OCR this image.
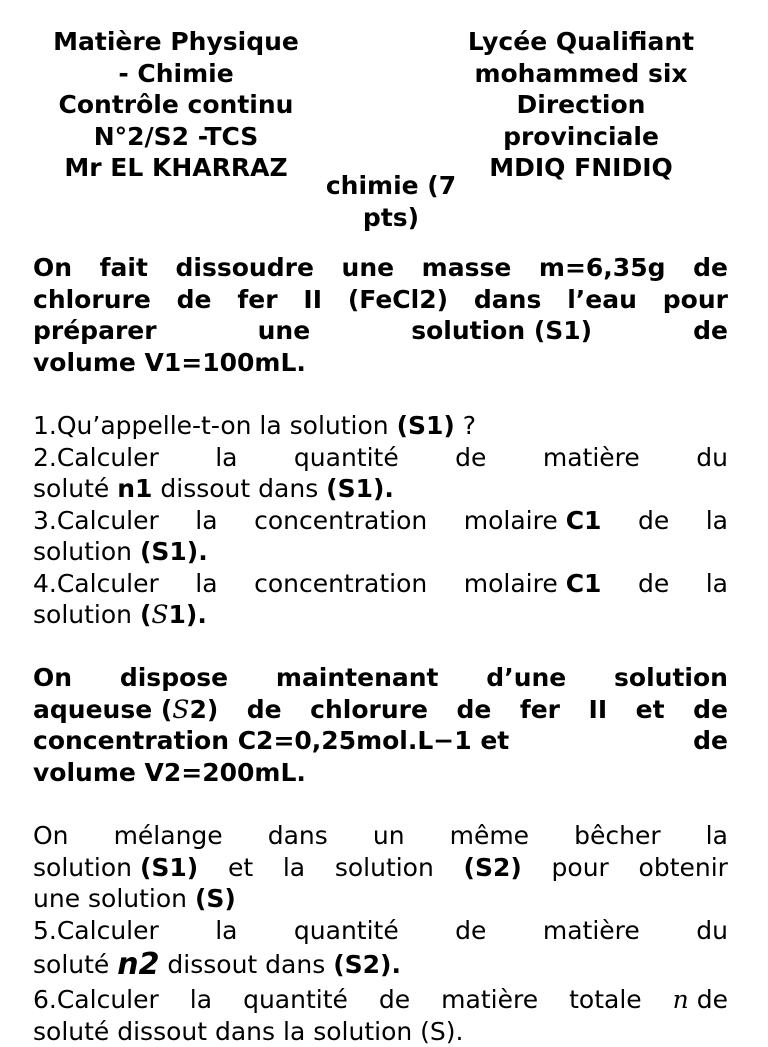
Matière Physique
- Chimie
Contrôle continu
N°2/S2 -TCS
Mr EL KHARRAZ
Lycée Qualifiant
mohammed six
Direction
provinciale
MDIQ FNIDIQ
chimie (7
pts)
On fait dissoudre une masse m=6,35g de
chlorure de fer II (FeCl2) dans l’eau pour
préparer	une	solution (S1)	de
volume V1=100mL.
1. Qu’appelle-t-on la solution (S1) ?
2.Calculer la quantité de matière du
soluté n1 dissout dans (S1).
3.Calculer la concentration molaire C1 de la
solution (S1).
4.Calculer la concentration molaire C1 de la
solution ( S 1).
On dispose maintenant d’une solution
aqueuse (S2) de chlorure de fer II et de
concentration C2=0,25mol.L−1 et	de
volume V2=200mL.
On mélange dans un même bêcher la
solution (S1) et la solution (S2) pour obtenir
une solution (S)
5.Calculer la quantité de matière du
soluté n2 dissout dans (S2).
6.Calculer la quantité de matière totale n de
soluté dissout dans la solution (S).
